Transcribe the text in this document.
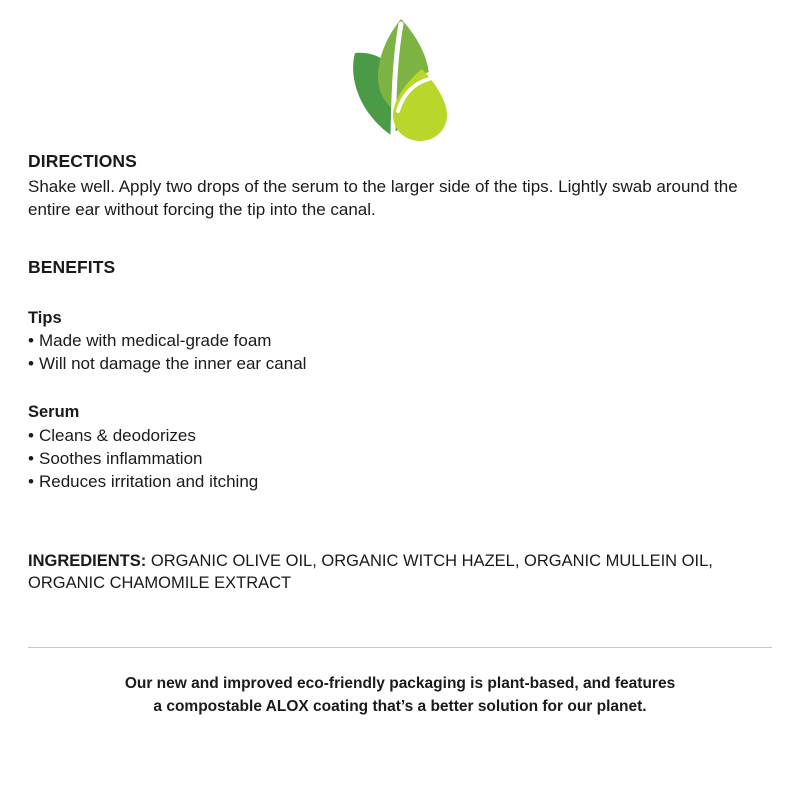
DIRECTIONS

Shake well. Apply two drops of the serum to the larger side of the tips. Lightly swab around the entire ear without forcing the tip into the canal.

BENEFITS
Tips
• Made with medical-grade foam
• Will not damage the inner ear canal
Serum
• Cleans & deodorizes
• Soothes inflammation
• Reduces irritation and itching

INGREDIENTS: ORGANIC OLIVE OIL, ORGANIC WITCH HAZEL, ORGANIC MULLEIN OIL, ORGANIC CHAMOMILE EXTRACT

Our new and improved eco-friendly packaging is plant-based, and features
a compostable ALOX coating that’s a better solution for our planet.
